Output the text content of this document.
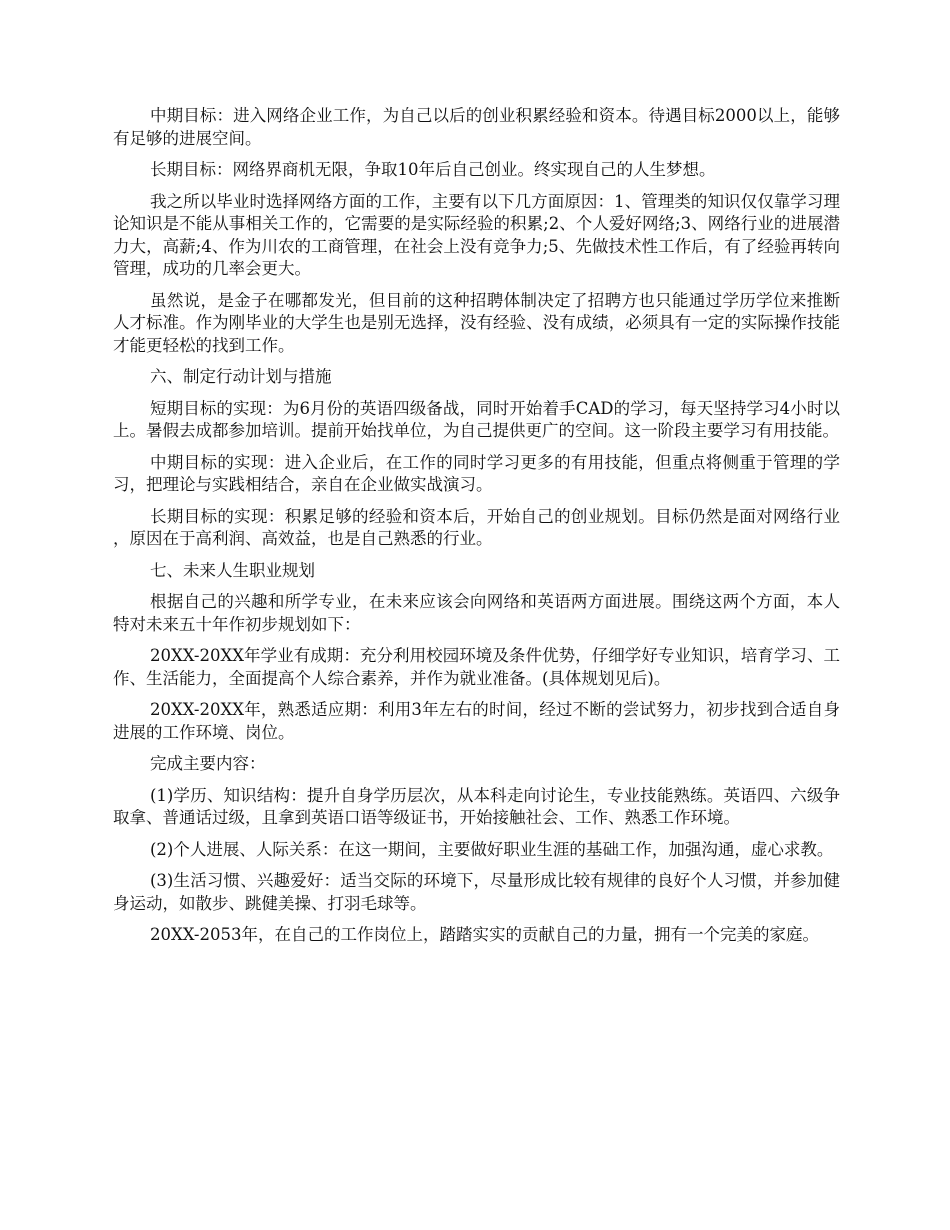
中期目标：进入网络企业工作，为自己以后的创业积累经验和资本。待遇目标2000以上，能够有足够的进展空间。

长期目标：网络界商机无限，争取10年后自己创业。终实现自己的人生梦想。

我之所以毕业时选择网络方面的工作，主要有以下几方面原因：1、管理类的知识仅仅靠学习理论知识是不能从事相关工作的，它需要的是实际经验的积累;2、个人爱好网络;3、网络行业的进展潜力大，高薪;4、作为川农的工商管理，在社会上没有竞争力;5、先做技术性工作后，有了经验再转向管理，成功的几率会更大。

虽然说，是金子在哪都发光，但目前的这种招聘体制决定了招聘方也只能通过学历学位来推断人才标准。作为刚毕业的大学生也是别无选择，没有经验、没有成绩，必须具有一定的实际操作技能才能更轻松的找到工作。

六、制定行动计划与措施

短期目标的实现：为6月份的英语四级备战，同时开始着手CAD的学习，每天坚持学习4小时以上。暑假去成都参加培训。提前开始找单位，为自己提供更广的空间。这一阶段主要学习有用技能。

中期目标的实现：进入企业后，在工作的同时学习更多的有用技能，但重点将侧重于管理的学习，把理论与实践相结合，亲自在企业做实战演习。

长期目标的实现：积累足够的经验和资本后，开始自己的创业规划。目标仍然是面对网络行业，原因在于高利润、高效益，也是自己熟悉的行业。

七、未来人生职业规划

根据自己的兴趣和所学专业，在未来应该会向网络和英语两方面进展。围绕这两个方面，本人特对未来五十年作初步规划如下：

20XX-20XX年学业有成期：充分利用校园环境及条件优势，仔细学好专业知识，培育学习、工作、生活能力，全面提高个人综合素养，并作为就业准备。(具体规划见后)。

20XX-20XX年，熟悉适应期：利用3年左右的时间，经过不断的尝试努力，初步找到合适自身进展的工作环境、岗位。

完成主要内容：

(1)学历、知识结构：提升自身学历层次，从本科走向讨论生，专业技能熟练。英语四、六级争取拿、普通话过级，且拿到英语口语等级证书，开始接触社会、工作、熟悉工作环境。

(2)个人进展、人际关系：在这一期间，主要做好职业生涯的基础工作，加强沟通，虚心求教。

(3)生活习惯、兴趣爱好：适当交际的环境下，尽量形成比较有规律的良好个人习惯，并参加健身运动，如散步、跳健美操、打羽毛球等。

20XX-2053年，在自己的工作岗位上，踏踏实实的贡献自己的力量，拥有一个完美的家庭。
